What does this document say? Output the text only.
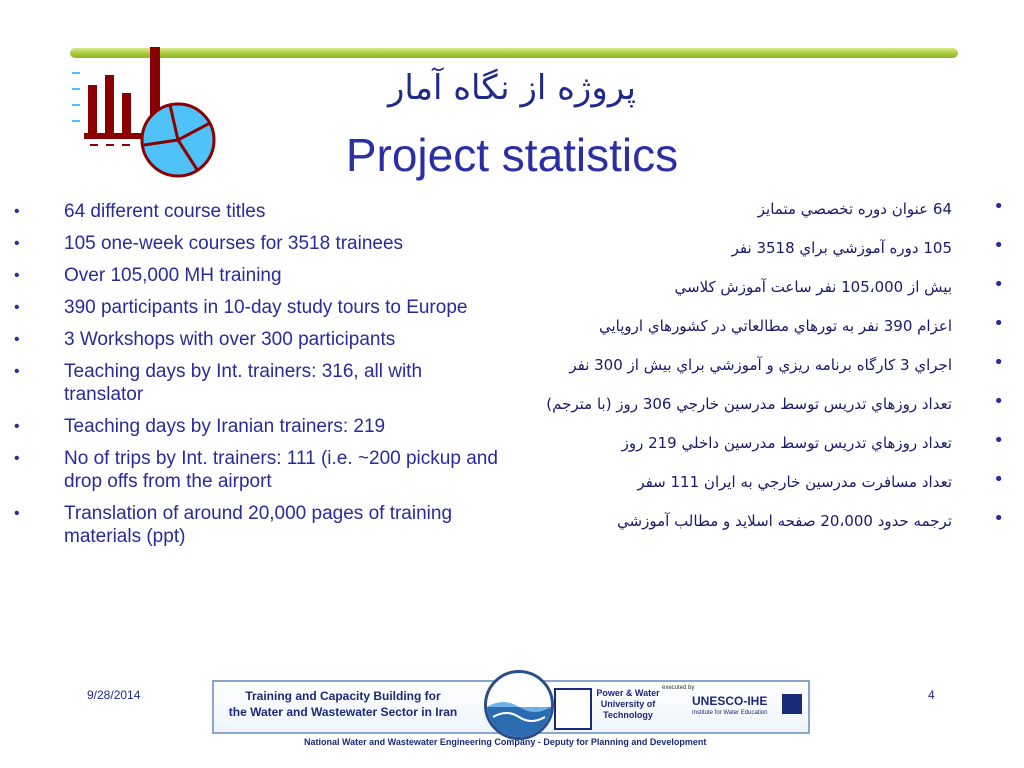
پروژه از نگاه آمار
Project statistics
• 64 different course titles
• 105 one-week courses for 3518 trainees
• Over 105,000 MH training
• 390 participants in 10-day study tours to Europe
• 3 Workshops with over 300 participants
• Teaching days by Int. trainers: 316, all with translator
• Teaching days by Iranian trainers: 219
• No of trips by Int. trainers: 111 (i.e. ~200 pickup and drop offs from the airport
• Translation of around 20,000 pages of training materials (ppt)
•
64 عنوان دوره تخصصي متمايز
•
105 دوره آموزشي براي 3518 نفر
•
بيش از 105،000 نفر ساعت آموزش كلاسي
•
اعزام 390 نفر به تورهاي مطالعاتي در كشورهاي اروپايي
•
اجراي 3 كارگاه برنامه ريزي و آموزشي براي بيش از 300 نفر
•
تعداد روزهاي تدريس توسط مدرسين خارجي 306 روز (با مترجم)
•
تعداد روزهاي تدريس توسط مدرسين داخلي 219 روز
•
تعداد مسافرت مدرسين خارجي به ايران 111 سفر
•
ترجمه حدود 20،000 صفحه اسلايد و مطالب آموزشي
9/28/2014	4
Training and Capacity Building for
the Water and Wastewater Sector in Iran
Power & Water
University of Technology
executed by
UNESCO-IHE
Institute for Water Education
National Water and Wastewater Engineering Company - Deputy for Planning and Development
